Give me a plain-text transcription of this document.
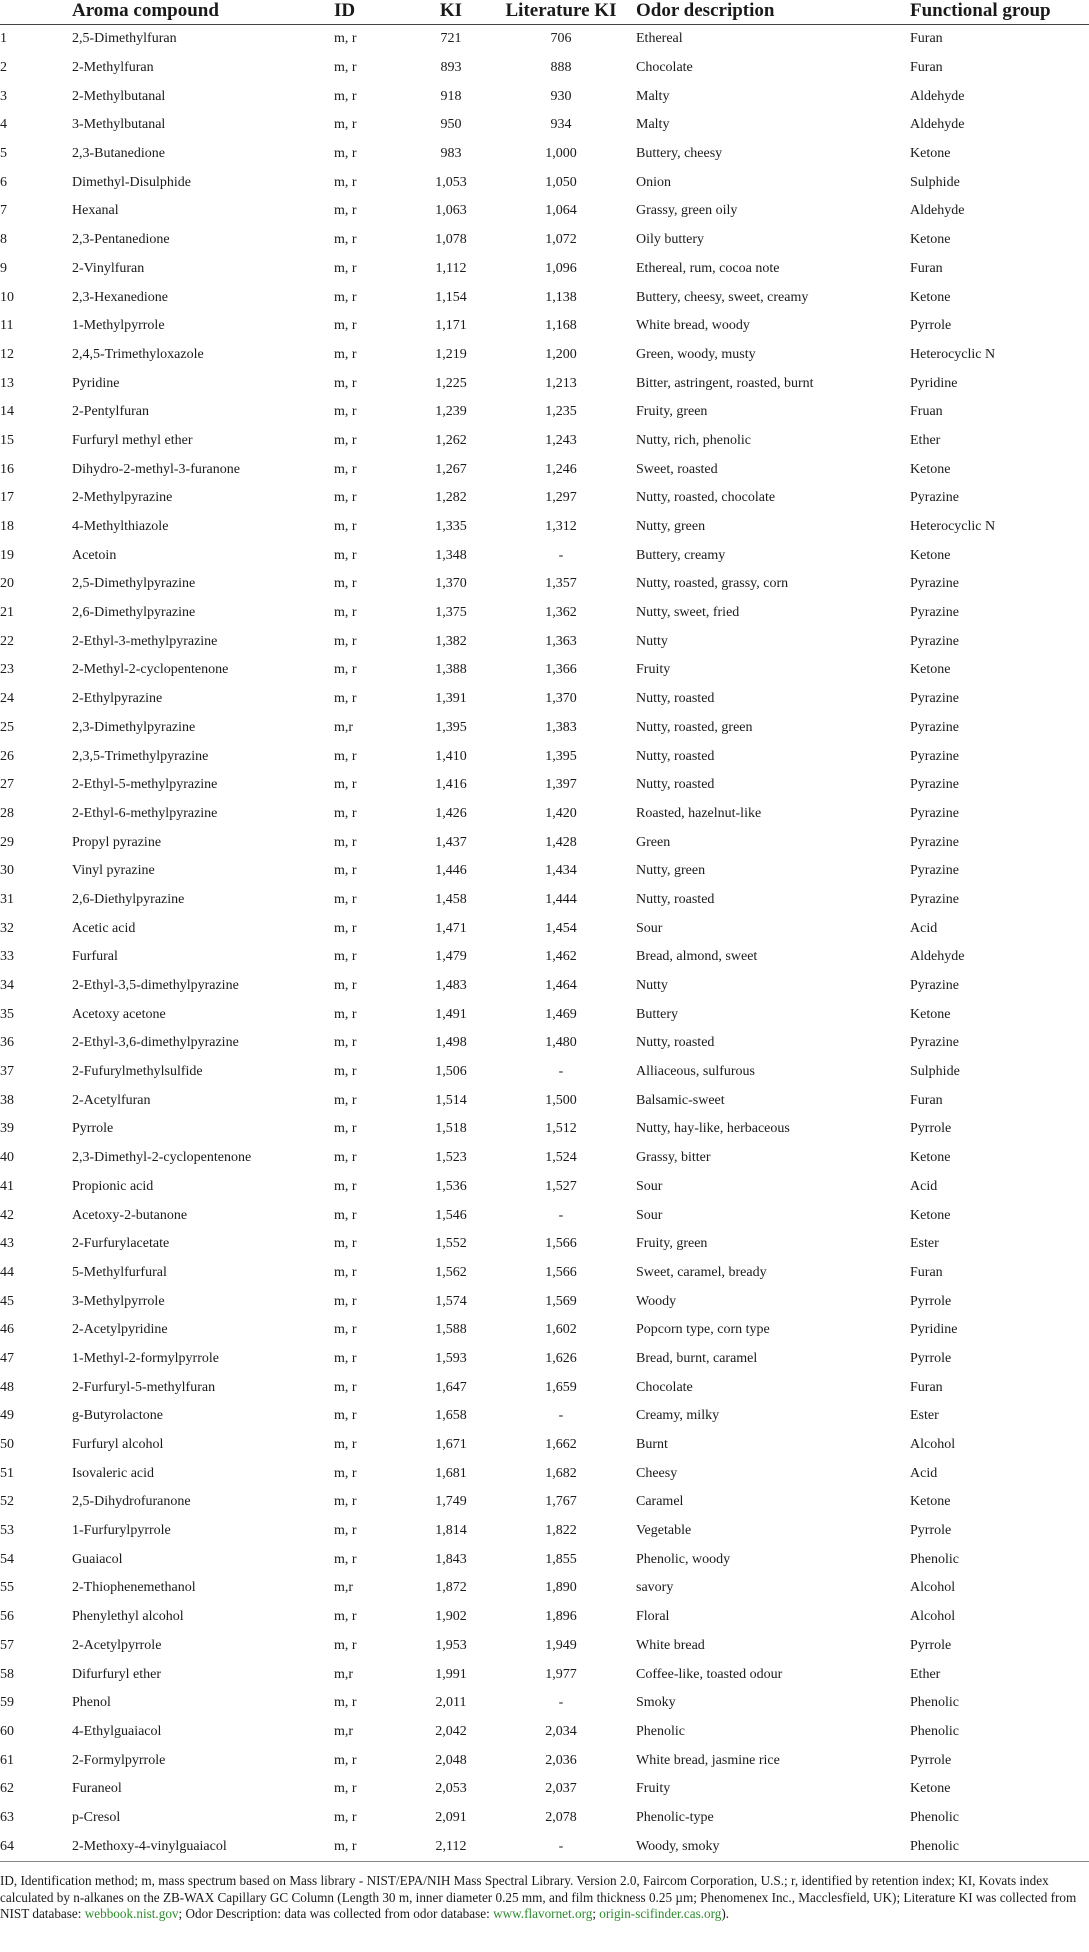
	Aroma compound	ID	KI	Literature KI	Odor description	Functional group

1	2,5-Dimethylfuran	m, r	721	706	Ethereal	Furan
2	2-Methylfuran	m, r	893	888	Chocolate	Furan
3	2-Methylbutanal	m, r	918	930	Malty	Aldehyde
4	3-Methylbutanal	m, r	950	934	Malty	Aldehyde
5	2,3-Butanedione	m, r	983	1,000	Buttery, cheesy	Ketone
6	Dimethyl-Disulphide	m, r	1,053	1,050	Onion	Sulphide
7	Hexanal	m, r	1,063	1,064	Grassy, green oily	Aldehyde
8	2,3-Pentanedione	m, r	1,078	1,072	Oily buttery	Ketone
9	2-Vinylfuran	m, r	1,112	1,096	Ethereal, rum, cocoa note	Furan
10	2,3-Hexanedione	m, r	1,154	1,138	Buttery, cheesy, sweet, creamy	Ketone
11	1-Methylpyrrole	m, r	1,171	1,168	White bread, woody	Pyrrole
12	2,4,5-Trimethyloxazole	m, r	1,219	1,200	Green, woody, musty	Heterocyclic N
13	Pyridine	m, r	1,225	1,213	Bitter, astringent, roasted, burnt	Pyridine
14	2-Pentylfuran	m, r	1,239	1,235	Fruity, green	Fruan
15	Furfuryl methyl ether	m, r	1,262	1,243	Nutty, rich, phenolic	Ether
16	Dihydro-2-methyl-3-furanone	m, r	1,267	1,246	Sweet, roasted	Ketone
17	2-Methylpyrazine	m, r	1,282	1,297	Nutty, roasted, chocolate	Pyrazine
18	4-Methylthiazole	m, r	1,335	1,312	Nutty, green	Heterocyclic N
19	Acetoin	m, r	1,348	-	Buttery, creamy	Ketone
20	2,5-Dimethylpyrazine	m, r	1,370	1,357	Nutty, roasted, grassy, corn	Pyrazine
21	2,6-Dimethylpyrazine	m, r	1,375	1,362	Nutty, sweet, fried	Pyrazine
22	2-Ethyl-3-methylpyrazine	m, r	1,382	1,363	Nutty	Pyrazine
23	2-Methyl-2-cyclopentenone	m, r	1,388	1,366	Fruity	Ketone
24	2-Ethylpyrazine	m, r	1,391	1,370	Nutty, roasted	Pyrazine
25	2,3-Dimethylpyrazine	m,r	1,395	1,383	Nutty, roasted, green	Pyrazine
26	2,3,5-Trimethylpyrazine	m, r	1,410	1,395	Nutty, roasted	Pyrazine
27	2-Ethyl-5-methylpyrazine	m, r	1,416	1,397	Nutty, roasted	Pyrazine
28	2-Ethyl-6-methylpyrazine	m, r	1,426	1,420	Roasted, hazelnut-like	Pyrazine
29	Propyl pyrazine	m, r	1,437	1,428	Green	Pyrazine
30	Vinyl pyrazine	m, r	1,446	1,434	Nutty, green	Pyrazine
31	2,6-Diethylpyrazine	m, r	1,458	1,444	Nutty, roasted	Pyrazine
32	Acetic acid	m, r	1,471	1,454	Sour	Acid
33	Furfural	m, r	1,479	1,462	Bread, almond, sweet	Aldehyde
34	2-Ethyl-3,5-dimethylpyrazine	m, r	1,483	1,464	Nutty	Pyrazine
35	Acetoxy acetone	m, r	1,491	1,469	Buttery	Ketone
36	2-Ethyl-3,6-dimethylpyrazine	m, r	1,498	1,480	Nutty, roasted	Pyrazine
37	2-Fufurylmethylsulfide	m, r	1,506	-	Alliaceous, sulfurous	Sulphide
38	2-Acetylfuran	m, r	1,514	1,500	Balsamic-sweet	Furan
39	Pyrrole	m, r	1,518	1,512	Nutty, hay-like, herbaceous	Pyrrole
40	2,3-Dimethyl-2-cyclopentenone	m, r	1,523	1,524	Grassy, bitter	Ketone
41	Propionic acid	m, r	1,536	1,527	Sour	Acid
42	Acetoxy-2-butanone	m, r	1,546	-	Sour	Ketone
43	2-Furfurylacetate	m, r	1,552	1,566	Fruity, green	Ester
44	5-Methylfurfural	m, r	1,562	1,566	Sweet, caramel, bready	Furan
45	3-Methylpyrrole	m, r	1,574	1,569	Woody	Pyrrole
46	2-Acetylpyridine	m, r	1,588	1,602	Popcorn type, corn type	Pyridine
47	1-Methyl-2-formylpyrrole	m, r	1,593	1,626	Bread, burnt, caramel	Pyrrole
48	2-Furfuryl-5-methylfuran	m, r	1,647	1,659	Chocolate	Furan
49	g-Butyrolactone	m, r	1,658	-	Creamy, milky	Ester
50	Furfuryl alcohol	m, r	1,671	1,662	Burnt	Alcohol
51	Isovaleric acid	m, r	1,681	1,682	Cheesy	Acid
52	2,5-Dihydrofuranone	m, r	1,749	1,767	Caramel	Ketone
53	1-Furfurylpyrrole	m, r	1,814	1,822	Vegetable	Pyrrole
54	Guaiacol	m, r	1,843	1,855	Phenolic, woody	Phenolic
55	2-Thiophenemethanol	m,r	1,872	1,890	savory	Alcohol
56	Phenylethyl alcohol	m, r	1,902	1,896	Floral	Alcohol
57	2-Acetylpyrrole	m, r	1,953	1,949	White bread	Pyrrole
58	Difurfuryl ether	m,r	1,991	1,977	Coffee-like, toasted odour	Ether
59	Phenol	m, r	2,011	-	Smoky	Phenolic
60	4-Ethylguaiacol	m,r	2,042	2,034	Phenolic	Phenolic
61	2-Formylpyrrole	m, r	2,048	2,036	White bread, jasmine rice	Pyrrole
62	Furaneol	m, r	2,053	2,037	Fruity	Ketone
63	p-Cresol	m, r	2,091	2,078	Phenolic-type	Phenolic
64	2-Methoxy-4-vinylguaiacol	m, r	2,112	-	Woody, smoky	Phenolic
ID, Identification method; m, mass spectrum based on Mass library - NIST/EPA/NIH Mass Spectral Library. Version 2.0, Faircom Corporation, U.S.; r, identified by retention index; KI, Kovats index calculated by n-alkanes on the ZB-WAX Capillary GC Column (Length 30 m, inner diameter 0.25 mm, and film thickness 0.25 µm; Phenomenex Inc., Macclesfield, UK); Literature KI was collected from NIST database: webbook.nist.gov; Odor Description: data was collected from odor database: www.flavornet.org; origin-scifinder.cas.org).
